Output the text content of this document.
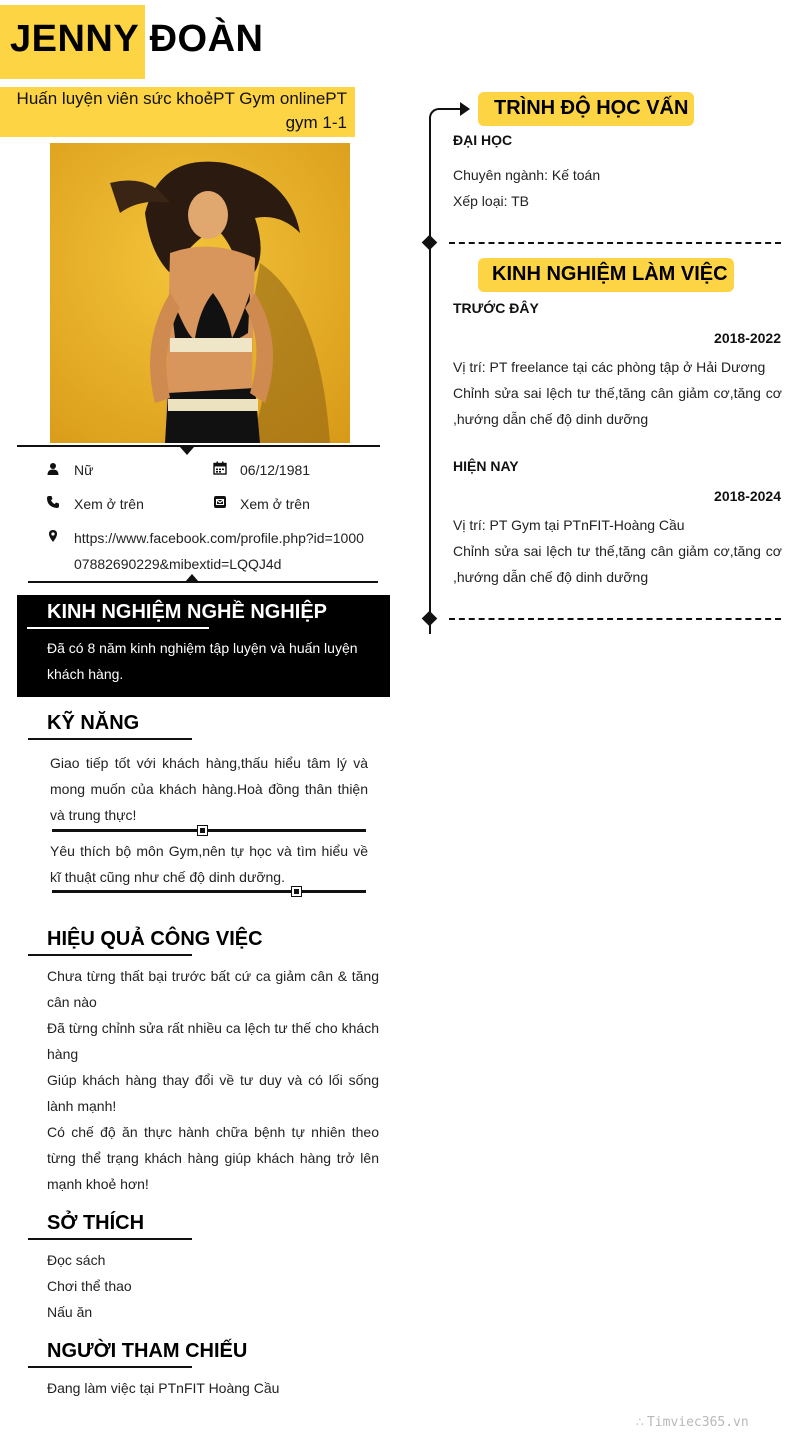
JENNY ĐOÀN
Huấn luyện viên sức khoẻPT Gym onlinePT gym 1-1
Nữ	06/12/1981
Xem ở trên	Xem ở trên
https://www.facebook.com/profile.php?id=100007882690229&mibextid=LQQJ4d
KINH NGHIỆM NGHỀ NGHIỆP
Đã có 8 năm kinh nghiệm tập luyện và huấn luyện khách hàng.
KỸ NĂNG
Giao tiếp tốt với khách hàng,thấu hiểu tâm lý và mong muốn của khách hàng.Hoà đồng thân thiện và trung thực!
Yêu thích bộ môn Gym,nên tự học và tìm hiểu về kĩ thuật cũng như chế độ dinh dưỡng.
HIỆU QUẢ CÔNG VIỆC
Chưa từng thất bại trước bất cứ ca giảm cân & tăng cân nào
Đã từng chỉnh sửa rất nhiều ca lệch tư thế cho khách hàng
Giúp khách hàng thay đổi về tư duy và có lối sống lành mạnh!
Có chế độ ăn thực hành chữa bệnh tự nhiên theo từng thể trạng khách hàng giúp khách hàng trở lên mạnh khoẻ hơn!
SỞ THÍCH
Đọc sách
Chơi thể thao
Nấu ăn
NGƯỜI THAM CHIẾU
Đang làm việc tại PTnFIT Hoàng Cầu
TRÌNH ĐỘ HỌC VẤN
ĐẠI HỌC
Chuyên ngành: Kế toán
Xếp loại: TB
KINH NGHIỆM LÀM VIỆC
TRƯỚC ĐÂY
2018-2022
Vị trí: PT freelance tại các phòng tập ở Hải Dương
Chỉnh sửa sai lệch tư thế,tăng cân giảm cơ,tăng cơ ,hướng dẫn chế độ dinh dưỡng
HIỆN NAY
2018-2024
Vị trí: PT Gym tại PTnFIT-Hoàng Cầu
Chỉnh sửa sai lệch tư thế,tăng cân giảm cơ,tăng cơ ,hướng dẫn chế độ dinh dưỡng
∴ Timviec365.vn
